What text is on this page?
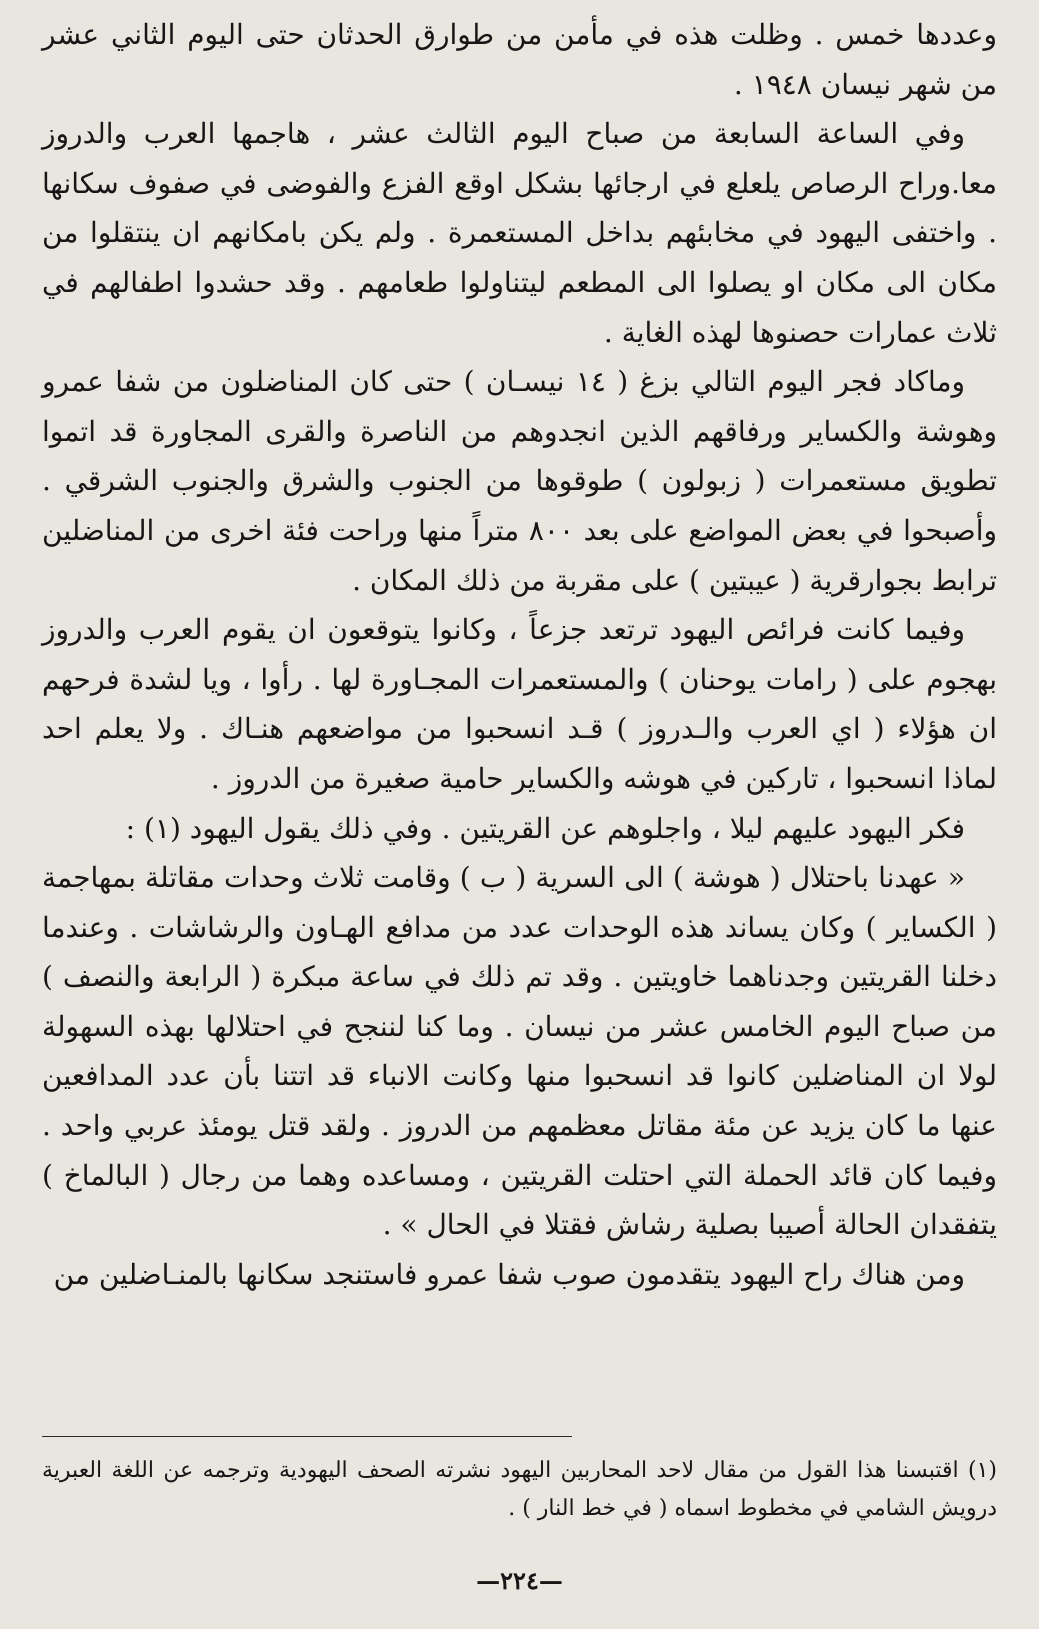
وعددها خمس . وظلت هذه في مأمن من طوارق الحدثان حتى اليوم الثاني عشر من شهر نيسان ١٩٤٨ .

وفي الساعة السابعة من صباح اليوم الثالث عشر ، هاجمها العرب والدروز معا.وراح الرصاص يلعلع في ارجائها بشكل اوقع الفزع والفوضى في صفوف سكانها . واختفى اليهود في مخابئهم بداخل المستعمرة . ولم يكن بامكانهم ان ينتقلوا من مكان الى مكان او يصلوا الى المطعم ليتناولوا طعامهم . وقد حشدوا اطفالهم في ثلاث عمارات حصنوها لهذه الغاية .

وماكاد فجر اليوم التالي بزغ ( ١٤ نيسـان ) حتى كان المناضلون من شفا عمرو وهوشة والكساير ورفاقهم الذين انجدوهم من الناصرة والقرى المجاورة قد اتموا تطويق مستعمرات ( زبولون ) طوقوها من الجنوب والشرق والجنوب الشرقي . وأصبحوا في بعض المواضع على بعد ٨٠٠ متراً منها وراحت فئة اخرى من المناضلين ترابط بجوارقرية ( عيبتين ) على مقربة من ذلك المكان .

وفيما كانت فرائص اليهود ترتعد جزعاً ، وكانوا يتوقعون ان يقوم العرب والدروز بهجوم على ( رامات يوحنان ) والمستعمرات المجـاورة لها . رأوا ، ويا لشدة فرحهم ان هؤلاء ( اي العرب والـدروز ) قـد انسحبوا من مواضعهم هنـاك . ولا يعلم احد لماذا انسحبوا ، تاركين في هوشه والكساير حامية صغيرة من الدروز .

فكر اليهود عليهم ليلا ، واجلوهم عن القريتين . وفي ذلك يقول اليهود (١) :

« عهدنا باحتلال ( هوشة ) الى السرية ( ب ) وقامت ثلاث وحدات مقاتلة بمهاجمة ( الكساير ) وكان يساند هذه الوحدات عدد من مدافع الهـاون والرشاشات . وعندما دخلنا القريتين وجدناهما خاويتين . وقد تم ذلك في ساعة مبكرة ( الرابعة والنصف ) من صباح اليوم الخامس عشر من نيسان . وما كنا لننجح في احتلالها بهذه السهولة لولا ان المناضلين كانوا قد انسحبوا منها وكانت الانباء قد اتتنا بأن عدد المدافعين عنها ما كان يزيد عن مئة مقاتل معظمهم من الدروز . ولقد قتل يومئذ عربي واحد . وفيما كان قائد الحملة التي احتلت القريتين ، ومساعده وهما من رجال ( البالماخ ) يتفقدان الحالة أصيبا بصلية رشاش فقتلا في الحال » .

ومن هناك راح اليهود يتقدمون صوب شفا عمرو فاستنجد سكانها بالمنـاضلين من

(١) اقتبسنا هذا القول من مقال لاحد المحاربين اليهود نشرته الصحف اليهودية وترجمه عن اللغة العبرية درويش الشامي في مخطوط اسماه ( في خط النار ) .

—٢٢٤—
